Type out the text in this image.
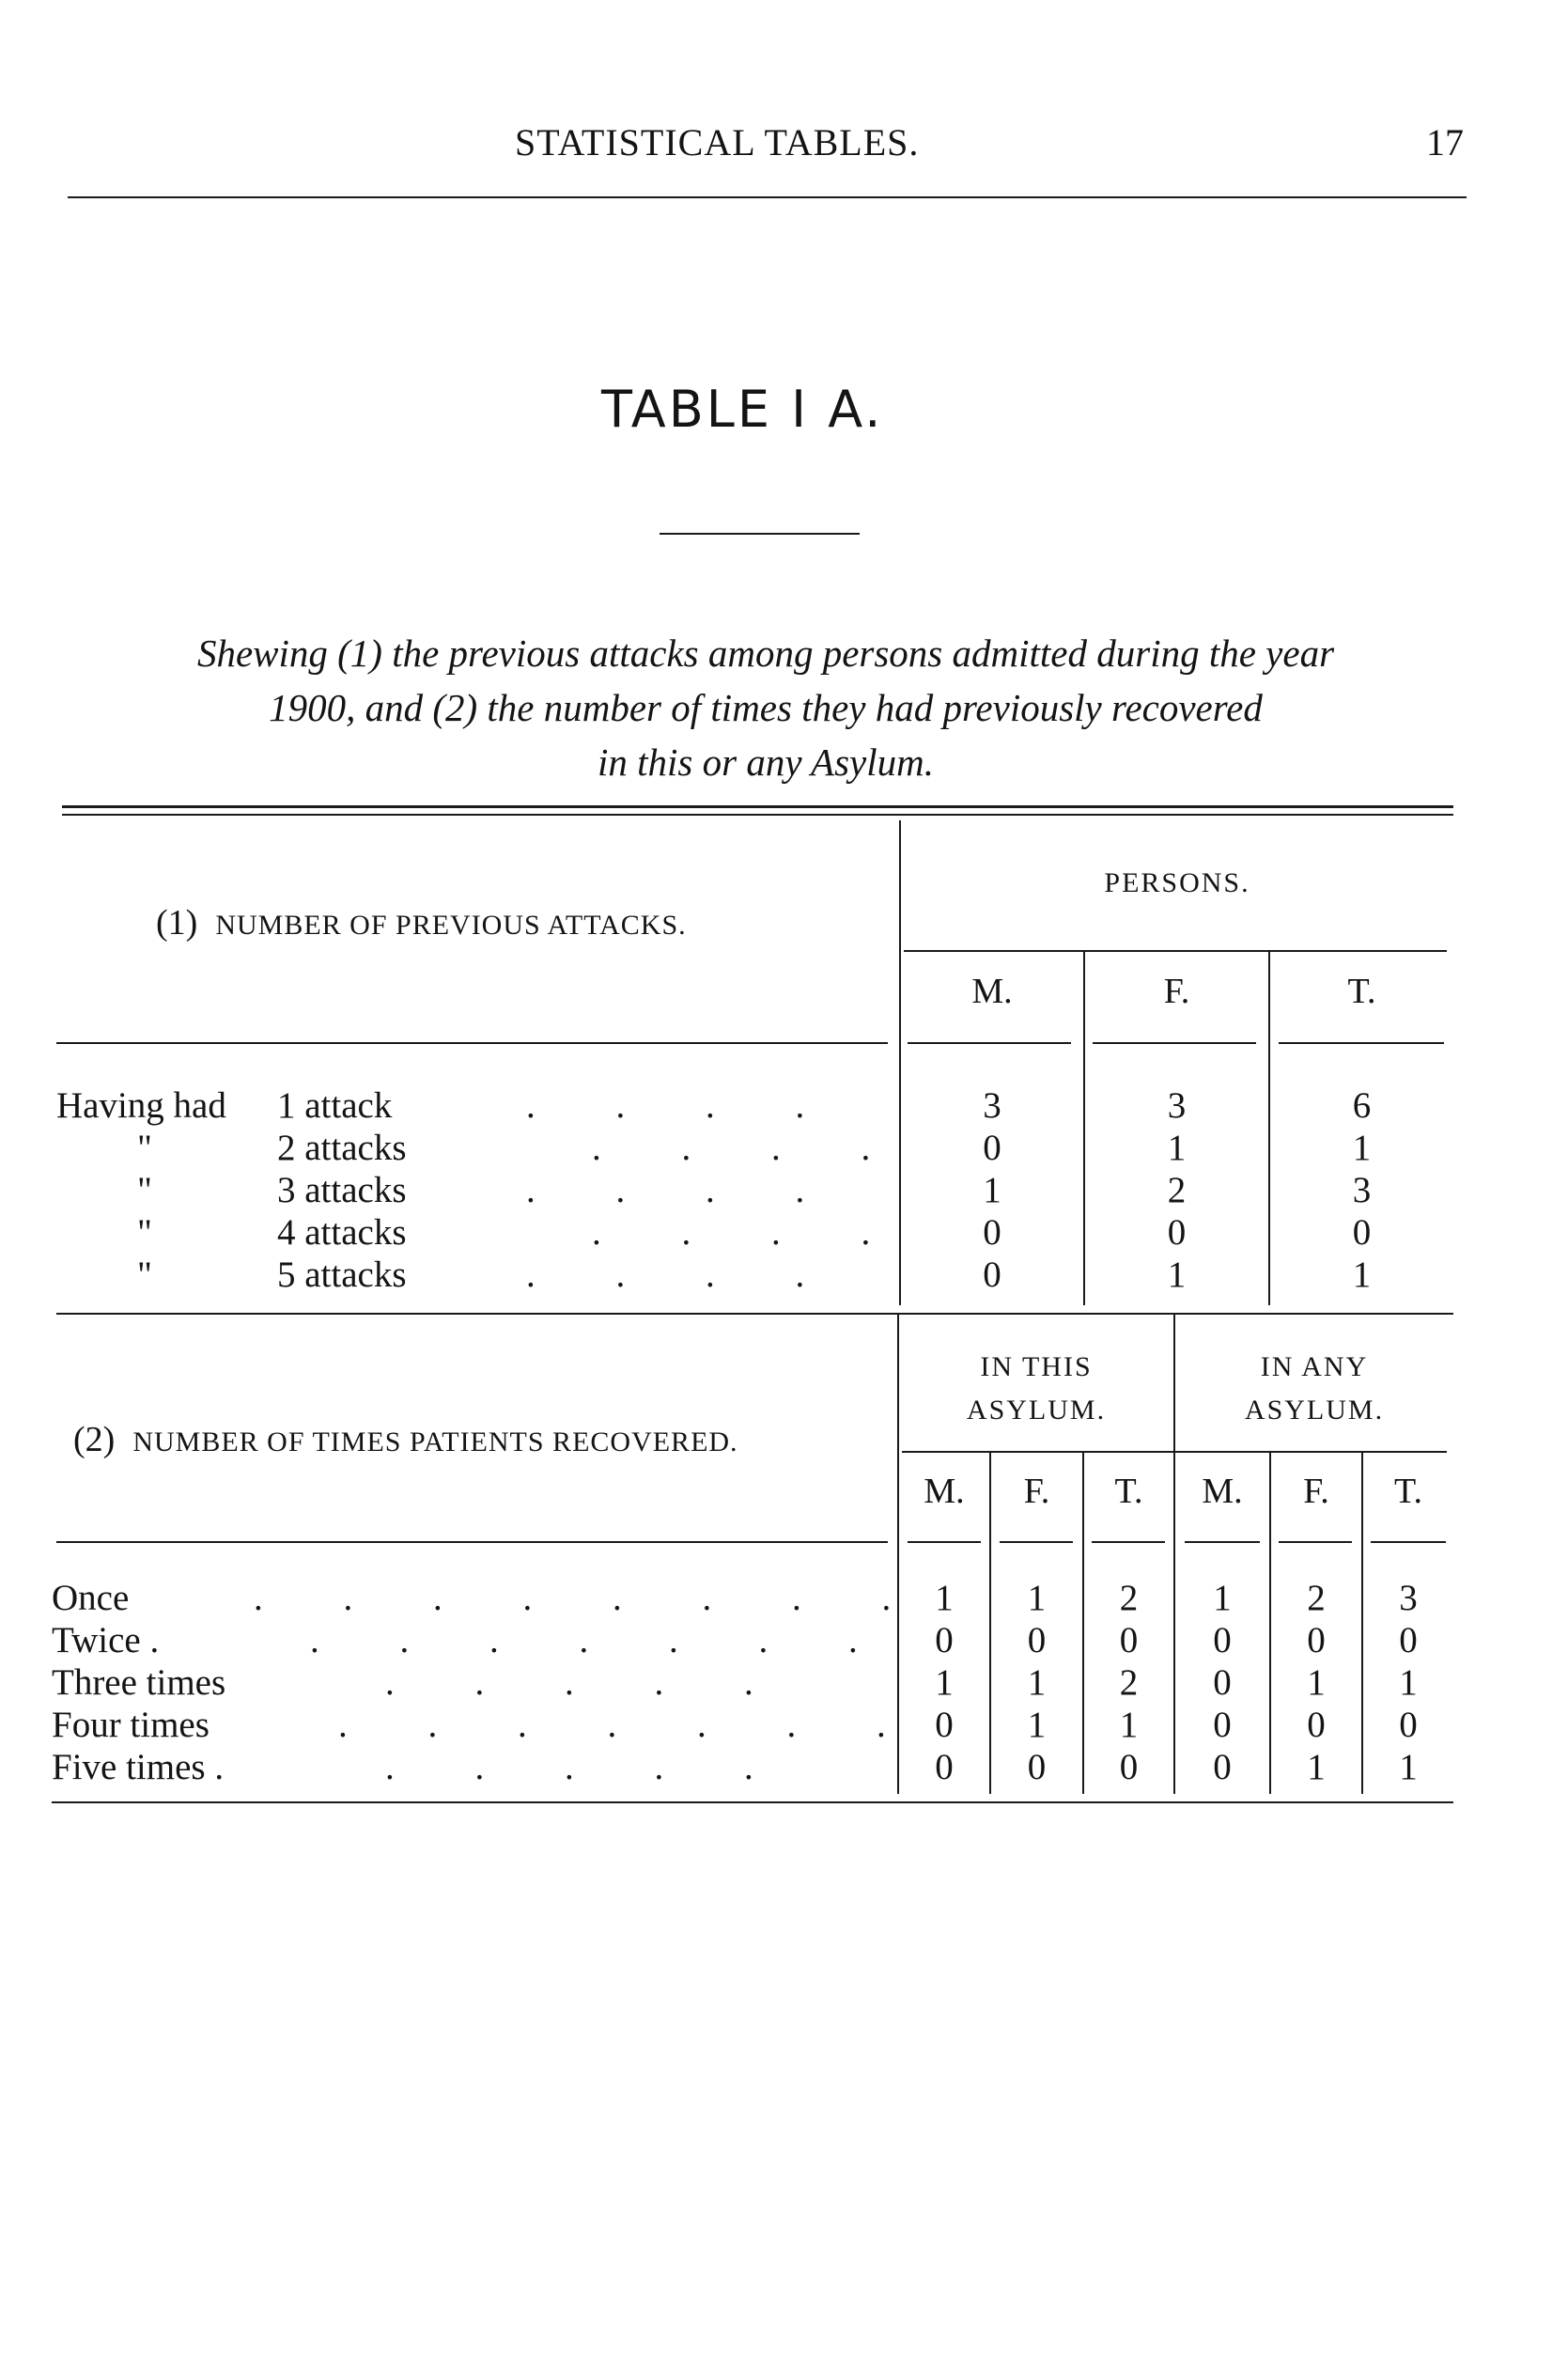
STATISTICAL TABLES.	17
TABLE I A.
Shewing (1) the previous attacks among persons admitted during the year
1900, and (2) the number of times they had previously recovered
in this or any Asylum.
(1) NUMBER OF PREVIOUS ATTACKS.
PERSONS.
M.	F.	T.
Having had 1 attack	. . . .	3	3	6
"	2 attacks	. . . .	0	1	1
"	3 attacks	. . . .	1	2	3
"	4 attacks	. . . .	0	0	0
"	5 attacks	. . . .	0	1	1
(2) NUMBER OF TIMES PATIENTS RECOVERED.
IN THIS
ASYLUM.
IN ANY
ASYLUM.
M.	F.	T.	M.	F.	T.
Once	. . . . . . . . 1	1	2	1	2	3
Twice .	. . . . . . .	0	0	0	0	0	0
Three times	. . . . .	1	1	2	0	1	1
Four times	. . . . . . . 0	1	1	0	0	0
Five times .	. . . . .	0	0	0	0	1	1
